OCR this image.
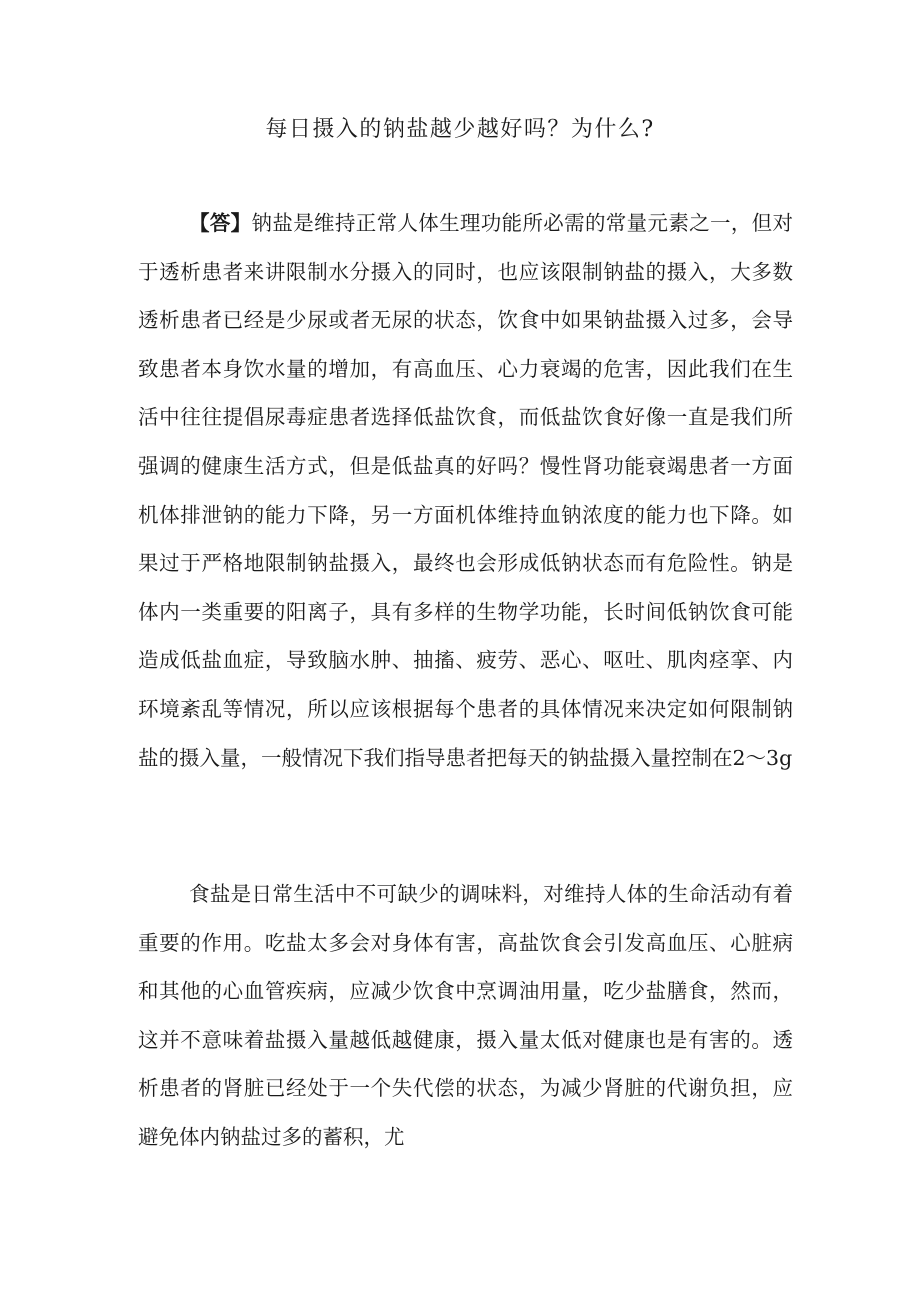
每日摄入的钠盐越少越好吗？为什么?

【答】钠盐是维持正常人体生理功能所必需的常量元素之一，但对于透析患者来讲限制水分摄入的同时，也应该限制钠盐的摄入，大多数透析患者已经是少尿或者无尿的状态，饮食中如果钠盐摄入过多，会导致患者本身饮水量的增加，有高血压、心力衰竭的危害，因此我们在生活中往往提倡尿毒症患者选择低盐饮食，而低盐饮食好像一直是我们所强调的健康生活方式，但是低盐真的好吗？慢性肾功能衰竭患者一方面机体排泄钠的能力下降，另一方面机体维持血钠浓度的能力也下降。如果过于严格地限制钠盐摄入，最终也会形成低钠状态而有危险性。钠是体内一类重要的阳离子，具有多样的生物学功能，长时间低钠饮食可能造成低盐血症，导致脑水肿、抽搐、疲劳、恶心、呕吐、肌肉痉挛、内环境紊乱等情况，所以应该根据每个患者的具体情况来决定如何限制钠盐的摄入量，一般情况下我们指导患者把每天的钠盐摄入量控制在2～3g

食盐是日常生活中不可缺少的调味料，对维持人体的生命活动有着重要的作用。吃盐太多会对身体有害，高盐饮食会引发高血压、心脏病和其他的心血管疾病，应减少饮食中烹调油用量，吃少盐膳食，然而，这并不意味着盐摄入量越低越健康，摄入量太低对健康也是有害的。透析患者的肾脏已经处于一个失代偿的状态，为减少肾脏的代谢负担，应避免体内钠盐过多的蓄积，尤
